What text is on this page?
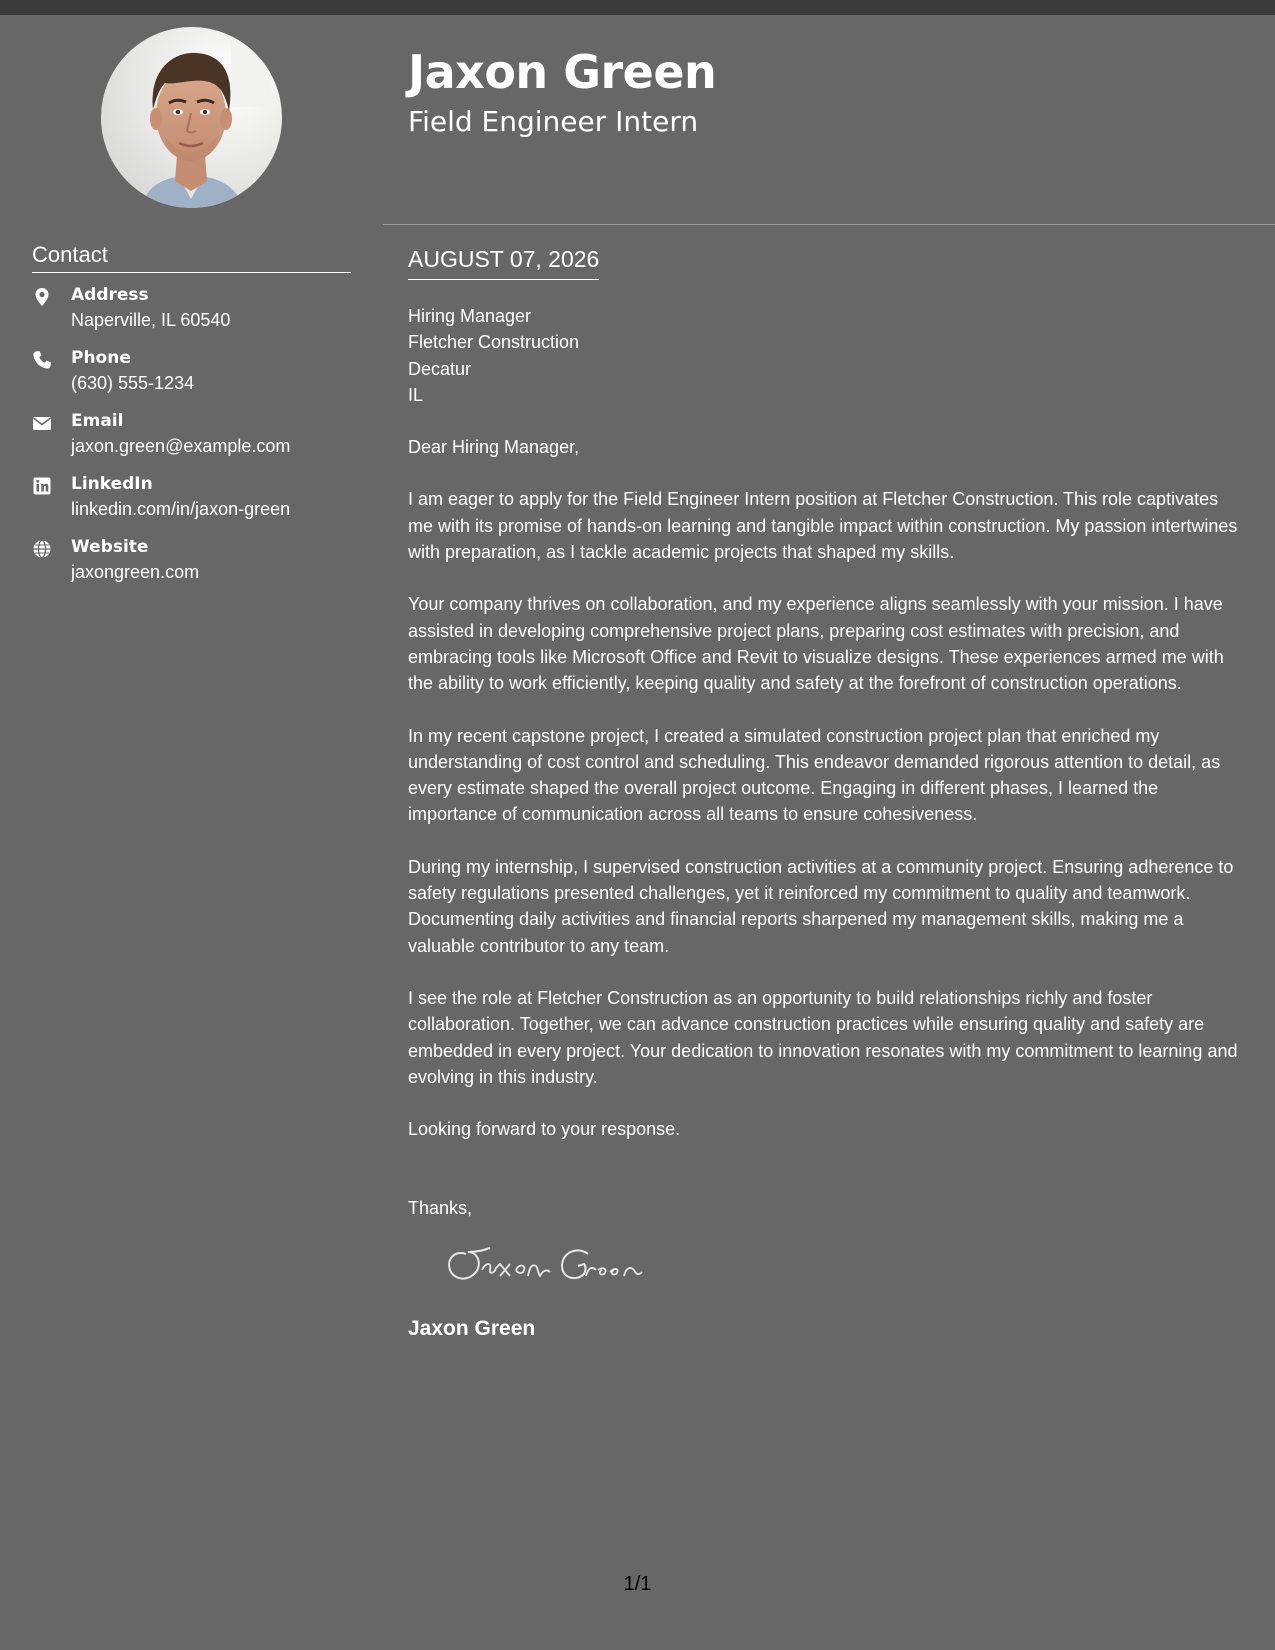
Contact
Address
Naperville, IL 60540
Phone
(630) 555-1234
Email
jaxon.green@example.com
LinkedIn
linkedin.com/in/jaxon-green
Website
jaxongreen.com
Jaxon Green
Field Engineer Intern
AUGUST 07, 2026
Hiring Manager
Fletcher Construction
Decatur
IL
Dear Hiring Manager,
I am eager to apply for the Field Engineer Intern position at Fletcher Construction. This role captivates me with its promise of hands-on learning and tangible impact within construction. My passion intertwines with preparation, as I tackle academic projects that shaped my skills.
Your company thrives on collaboration, and my experience aligns seamlessly with your mission. I have assisted in developing comprehensive project plans, preparing cost estimates with precision, and embracing tools like Microsoft Office and Revit to visualize designs. These experiences armed me with the ability to work efficiently, keeping quality and safety at the forefront of construction operations.
In my recent capstone project, I created a simulated construction project plan that enriched my understanding of cost control and scheduling. This endeavor demanded rigorous attention to detail, as every estimate shaped the overall project outcome. Engaging in different phases, I learned the importance of communication across all teams to ensure cohesiveness.
During my internship, I supervised construction activities at a community project. Ensuring adherence to safety regulations presented challenges, yet it reinforced my commitment to quality and teamwork. Documenting daily activities and financial reports sharpened my management skills, making me a valuable contributor to any team.
I see the role at Fletcher Construction as an opportunity to build relationships richly and foster collaboration. Together, we can advance construction practices while ensuring quality and safety are embedded in every project. Your dedication to innovation resonates with my commitment to learning and evolving in this industry.
Looking forward to your response.
Thanks,
Jaxon Green
1/1
